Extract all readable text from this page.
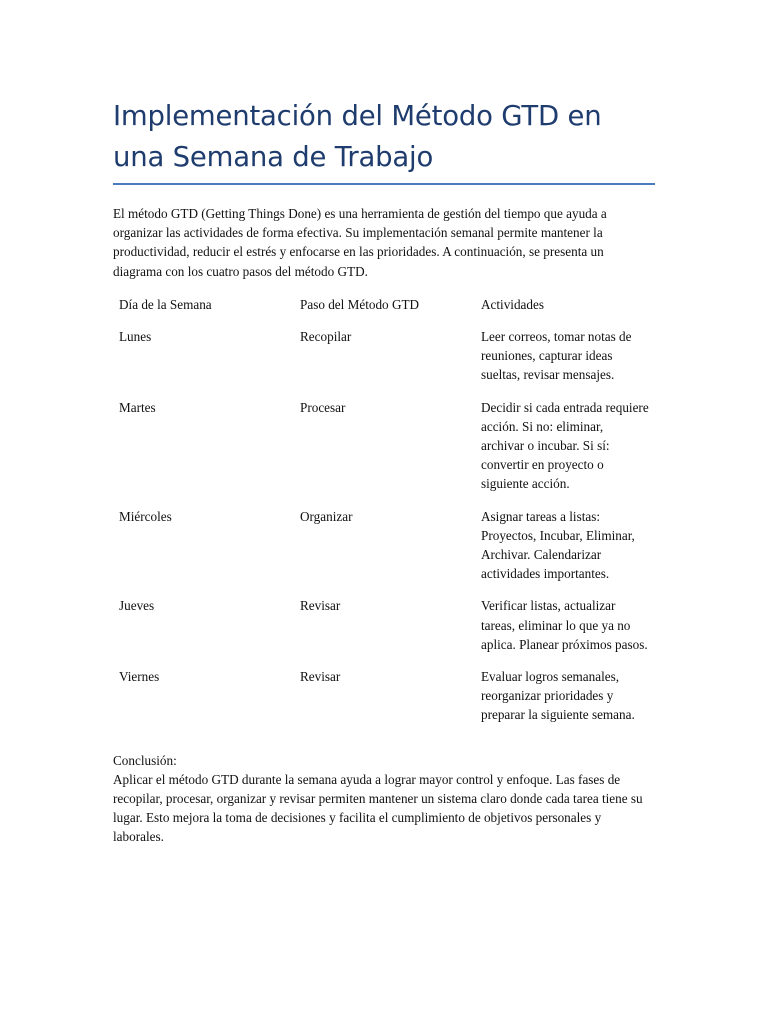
Implementación del Método GTD en una Semana de Trabajo

El método GTD (Getting Things Done) es una herramienta de gestión del tiempo que ayuda a organizar las actividades de forma efectiva. Su implementación semanal permite mantener la productividad, reducir el estrés y enfocarse en las prioridades. A continuación, se presenta un diagrama con los cuatro pasos del método GTD.

Día de la Semana	Paso del Método GTD	Actividades
Lunes	Recopilar	Leer correos, tomar notas de reuniones, capturar ideas sueltas, revisar mensajes.
Martes	Procesar	Decidir si cada entrada requiere acción. Si no: eliminar, archivar o incubar. Si sí: convertir en proyecto o siguiente acción.
Miércoles	Organizar	Asignar tareas a listas: Proyectos, Incubar, Eliminar, Archivar. Calendarizar actividades importantes.
Jueves	Revisar	Verificar listas, actualizar tareas, eliminar lo que ya no aplica. Planear próximos pasos.
Viernes	Revisar	Evaluar logros semanales, reorganizar prioridades y preparar la siguiente semana.

Conclusión:

Aplicar el método GTD durante la semana ayuda a lograr mayor control y enfoque. Las fases de recopilar, procesar, organizar y revisar permiten mantener un sistema claro donde cada tarea tiene su lugar. Esto mejora la toma de decisiones y facilita el cumplimiento de objetivos personales y laborales.
